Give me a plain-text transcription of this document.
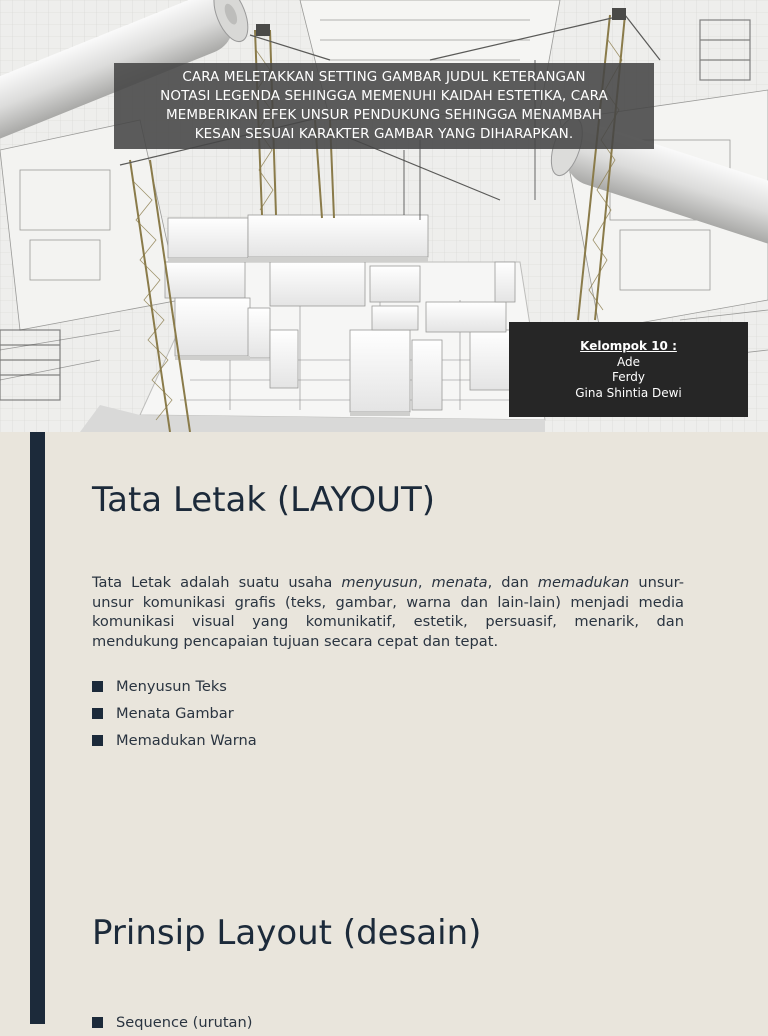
CARA MELETAKKAN SETTING GAMBAR JUDUL KETERANGAN
NOTASI LEGENDA SEHINGGA MEMENUHI KAIDAH ESTETIKA, CARA
MEMBERIKAN EFEK UNSUR PENDUKUNG SEHINGGA MENAMBAH
KESAN SESUAI KARAKTER GAMBAR YANG DIHARAPKAN.
Kelompok 10 :
Ade
Ferdy
Gina Shintia Dewi
Tata Letak (LAYOUT)

Tata Letak adalah suatu usaha menyusun, menata, dan memadukan unsur-unsur komunikasi grafis (teks, gambar, warna dan lain-lain) menjadi media komunikasi visual yang komunikatif, estetik, persuasif, menarik, dan mendukung pencapaian tujuan secara cepat dan tepat.

Menyusun Teks
Menata Gambar
Memadukan Warna
Prinsip Layout (desain)
Sequence (urutan)
